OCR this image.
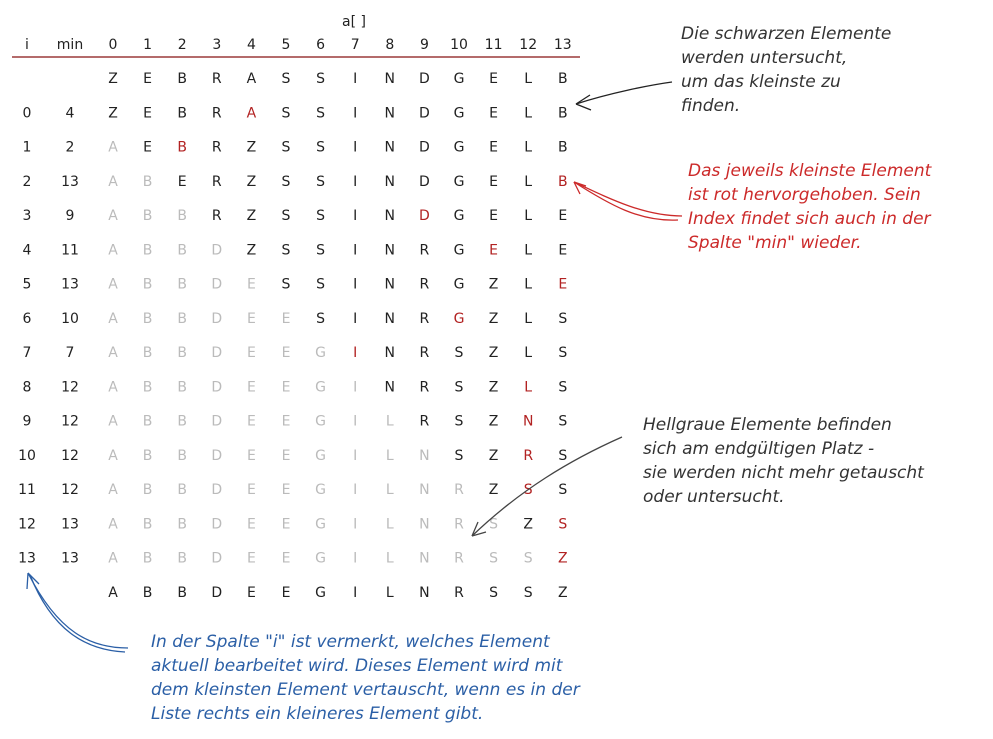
a[ ]
i min 0 1 2 3 4 5 6 7 8 9 10 11 12 13
Z E B R A S S I N D G E L B
0 4 Z E B R A S S I N D G E L B
1 2 A E B R Z S S I N D G E L B
2 13 A B E R Z S S I N D G E L B
3 9 A B B R Z S S I N D G E L E
4 11 A B B D Z S S I N R G E L E
5 13 A B B D E S S I N R G Z L E
6 10 A B B D E E S I N R G Z L S
7 7 A B B D E E G I N R S Z L S
8 12 A B B D E E G I N R S Z L S
9 12 A B B D E E G I L R S Z N S
10 12 A B B D E E G I L N S Z R S
11 12 A B B D E E G I L N R Z S S
12 13 A B B D E E G I L N R S Z S
13 13 A B B D E E G I L N R S S Z
A B B D E E G I L N R S S Z
Die schwarzen Elemente
werden untersucht,
um das kleinste zu
finden.
Das jeweils kleinste Element
ist rot hervorgehoben. Sein
Index findet sich auch in der
Spalte "min" wieder.
Hellgraue Elemente befinden
sich am endgültigen Platz -
sie werden nicht mehr getauscht
oder untersucht.
In der Spalte "i" ist vermerkt, welches Element
aktuell bearbeitet wird. Dieses Element wird mit
dem kleinsten Element vertauscht, wenn es in der
Liste rechts ein kleineres Element gibt.
